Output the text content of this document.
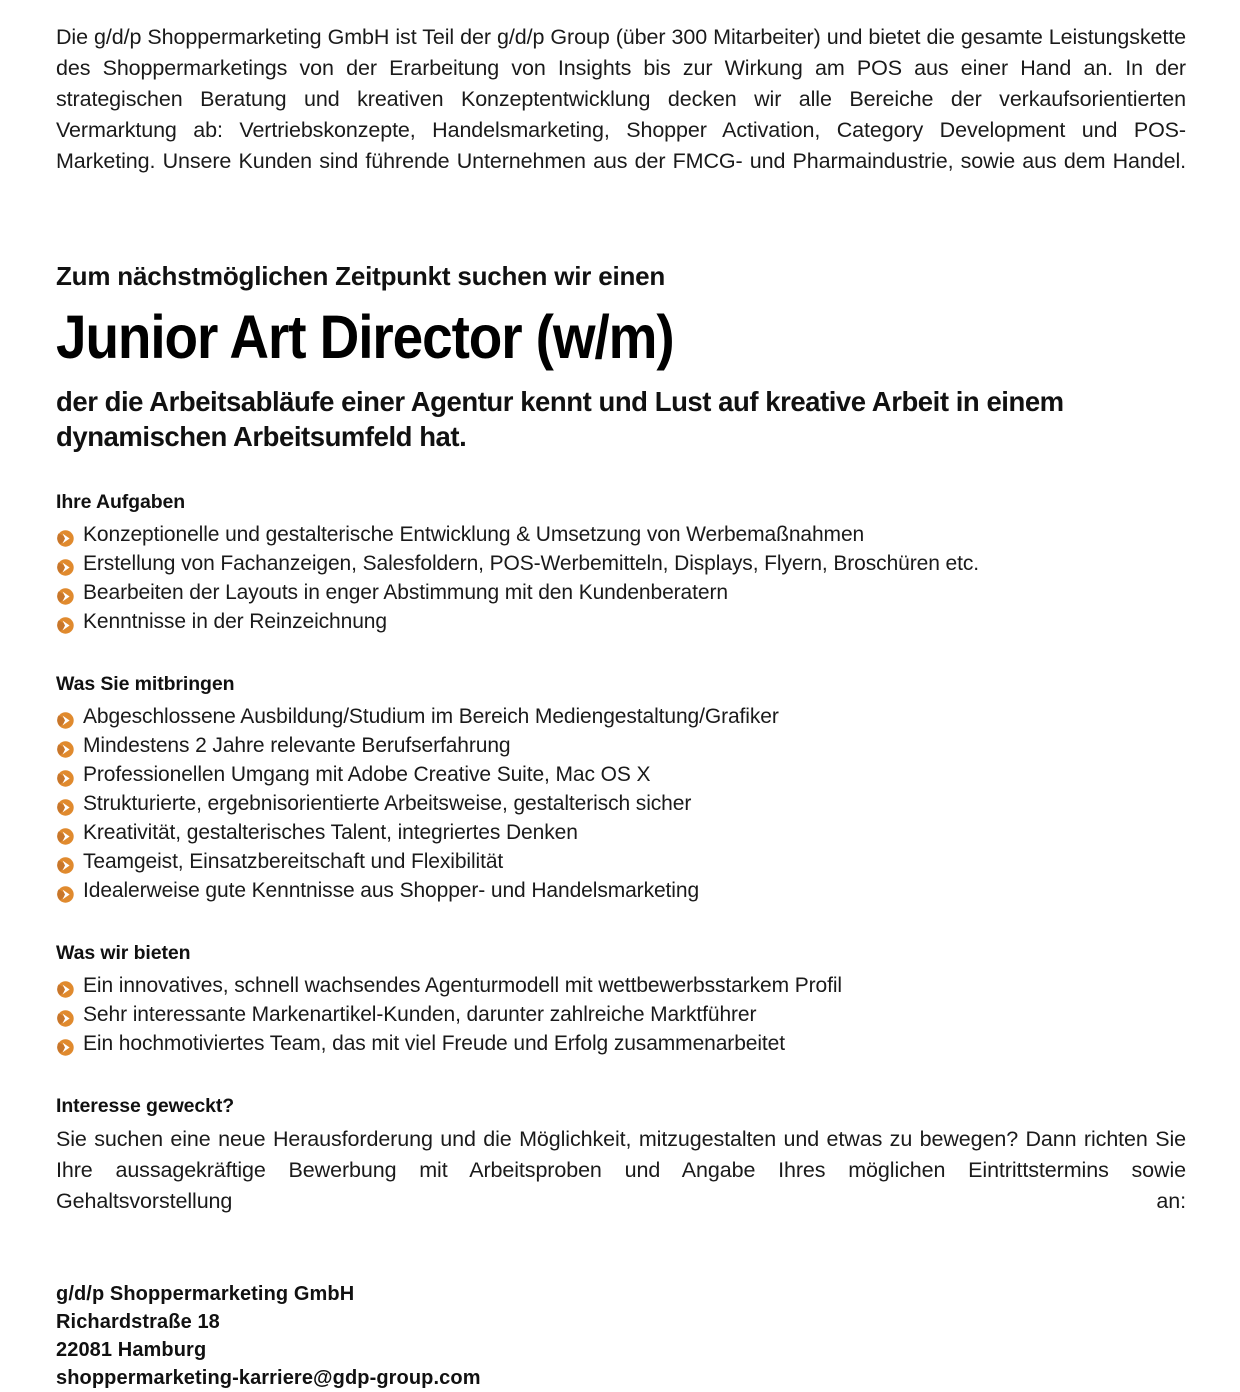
Die g/d/p Shoppermarketing GmbH ist Teil der g/d/p Group (über 300 Mitarbeiter) und bietet die gesamte Leistungskette des Shoppermarketings von der Erarbeitung von Insights bis zur Wirkung am POS aus einer Hand an. In der strategischen Beratung und kreativen Konzeptentwicklung decken wir alle Bereiche der verkaufsorientierten Vermarktung ab: Vertriebskonzepte, Handelsmarketing, Shopper Activation, Category Development und POS-Marketing. Unsere Kunden sind führende Unternehmen aus der FMCG- und Pharmaindustrie, sowie aus dem Handel.

Zum nächstmöglichen Zeitpunkt suchen wir einen
Junior Art Director (w/m)
der die Arbeitsabläufe einer Agentur kennt und Lust auf kreative Arbeit in einem dynamischen Arbeitsumfeld hat.
Ihre Aufgaben
Konzeptionelle und gestalterische Entwicklung & Umsetzung von Werbemaßnahmen
Erstellung von Fachanzeigen, Salesfoldern, POS-Werbemitteln, Displays, Flyern, Broschüren etc.
Bearbeiten der Layouts in enger Abstimmung mit den Kundenberatern
Kenntnisse in der Reinzeichnung
Was Sie mitbringen
Abgeschlossene Ausbildung/Studium im Bereich Mediengestaltung/Grafiker
Mindestens 2 Jahre relevante Berufserfahrung
Professionellen Umgang mit Adobe Creative Suite, Mac OS X
Strukturierte, ergebnisorientierte Arbeitsweise, gestalterisch sicher
Kreativität, gestalterisches Talent, integriertes Denken
Teamgeist, Einsatzbereitschaft und Flexibilität
Idealerweise gute Kenntnisse aus Shopper- und Handelsmarketing
Was wir bieten
Ein innovatives, schnell wachsendes Agenturmodell mit wettbewerbsstarkem Profil
Sehr interessante Markenartikel-Kunden, darunter zahlreiche Marktführer
Ein hochmotiviertes Team, das mit viel Freude und Erfolg zusammenarbeitet
Interesse geweckt?

Sie suchen eine neue Herausforderung und die Möglichkeit, mitzugestalten und etwas zu bewegen? Dann richten Sie Ihre aussagekräftige Bewerbung mit Arbeitsproben und Angabe Ihres möglichen Eintrittstermins sowie Gehaltsvorstellung an:

g/d/p Shoppermarketing GmbH
Richardstraße 18
22081 Hamburg
shoppermarketing-karriere@gdp-group.com
